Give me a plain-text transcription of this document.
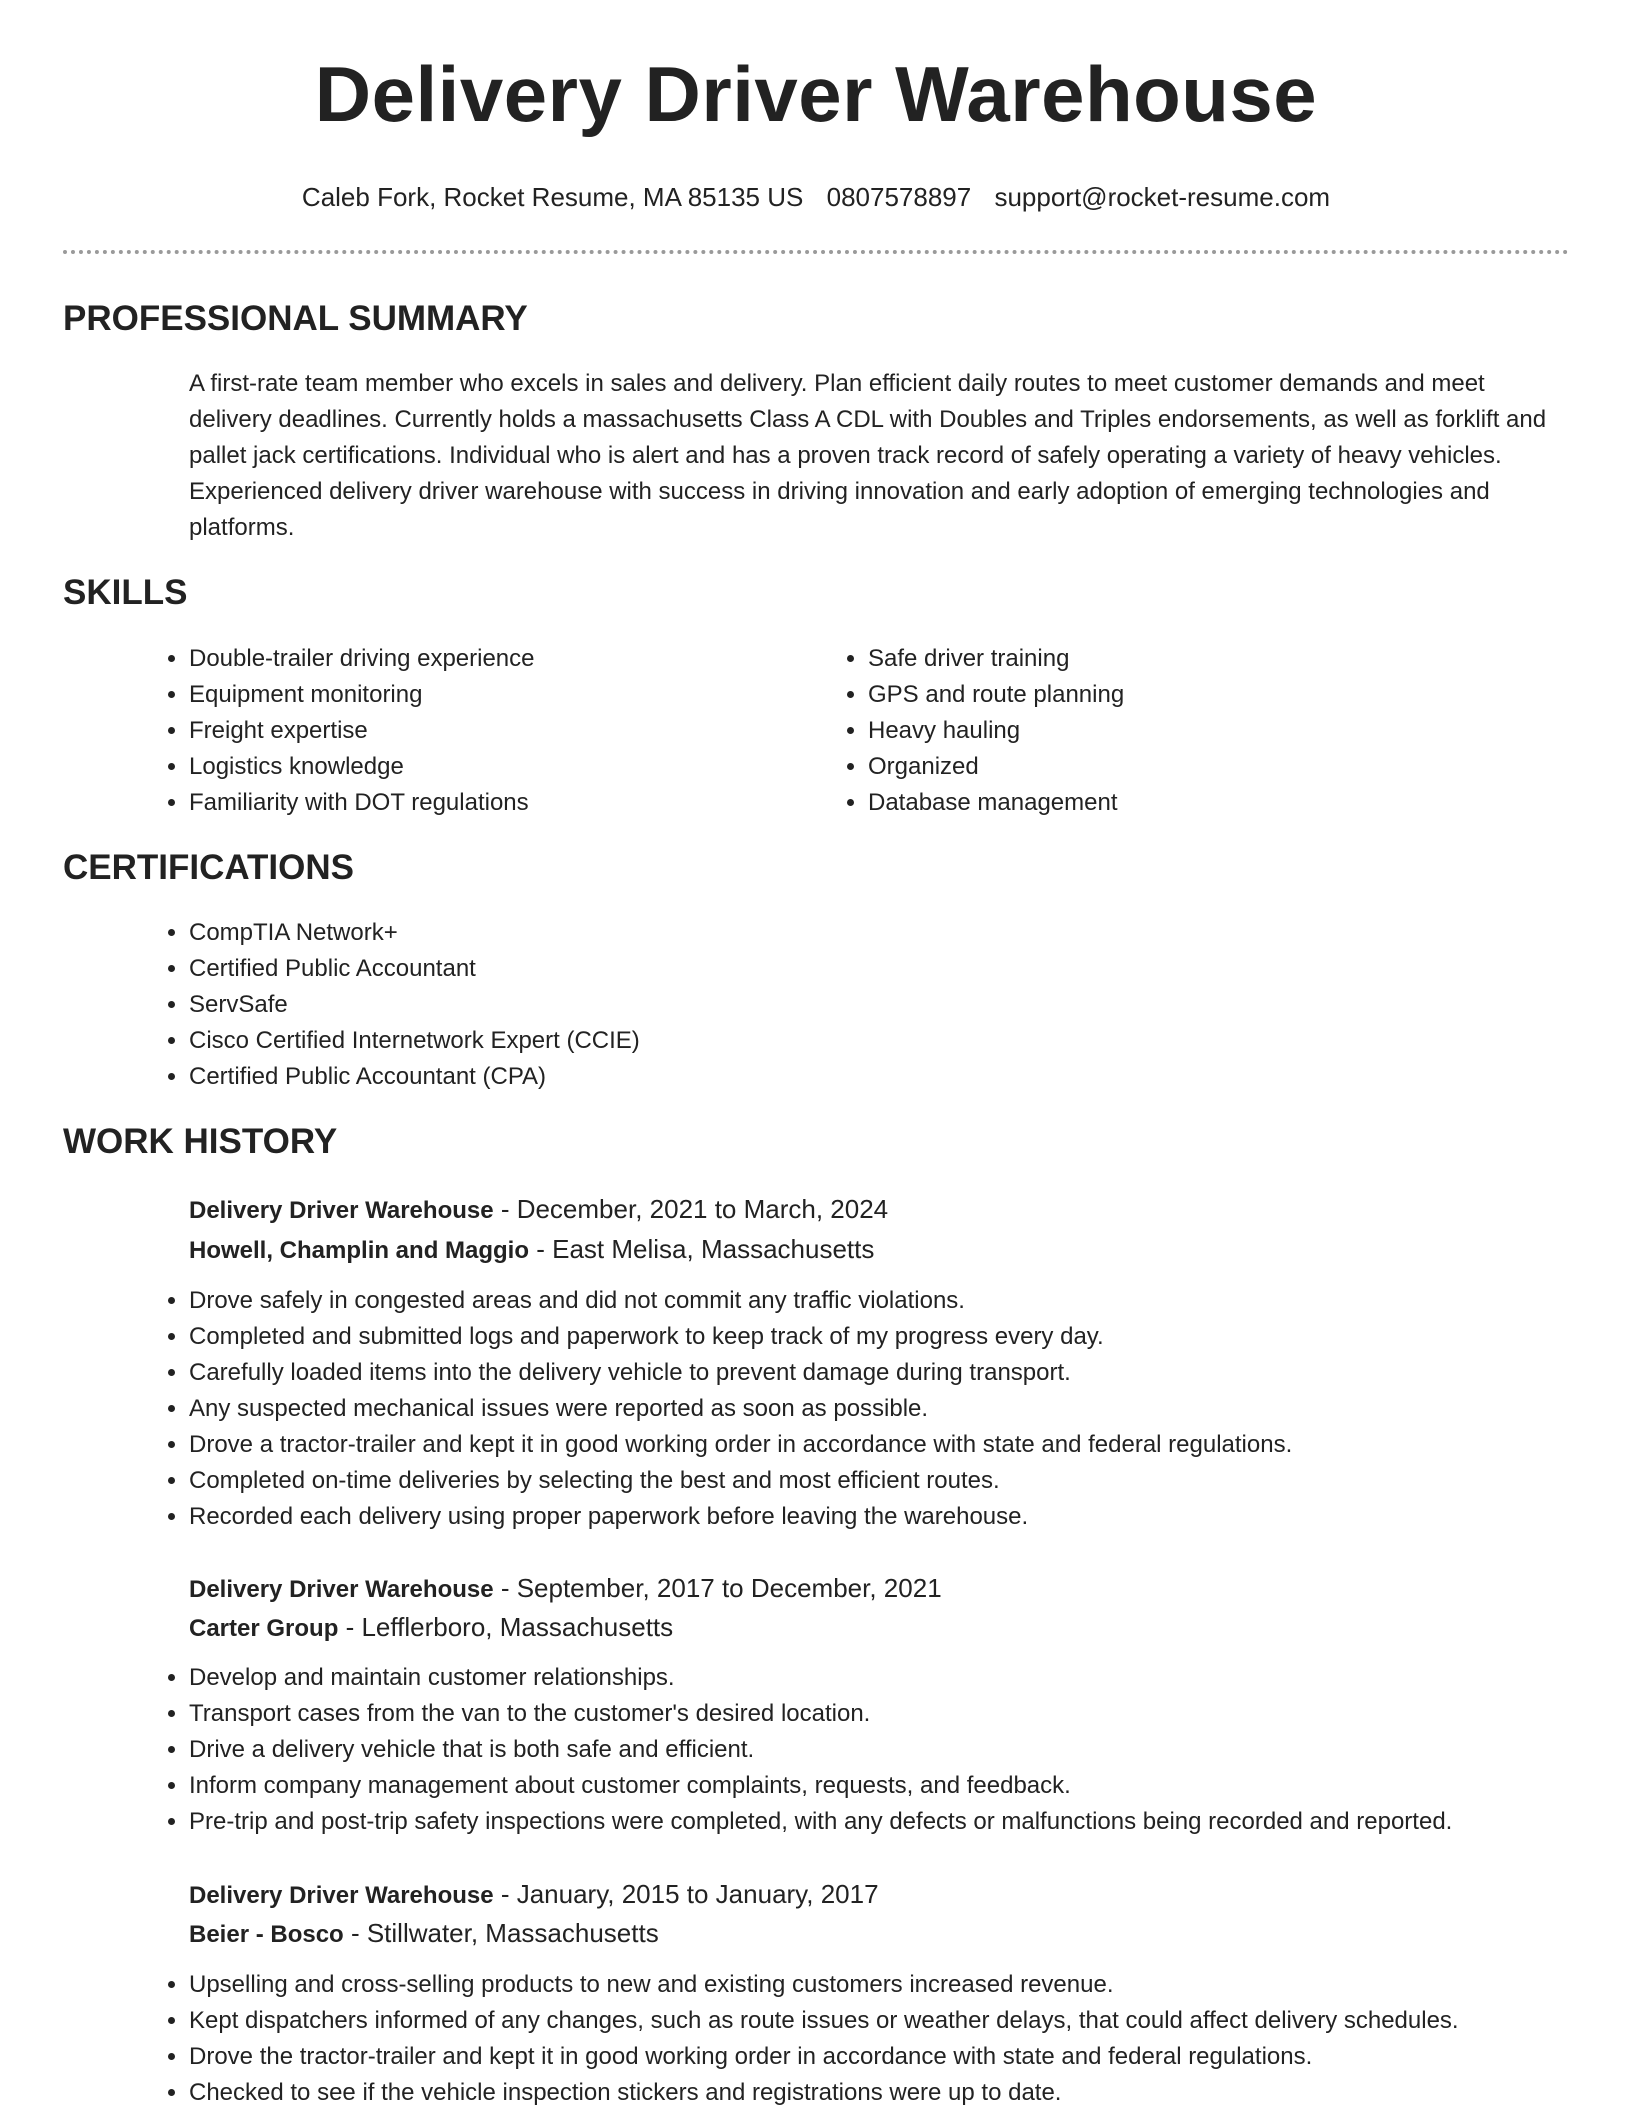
Delivery Driver Warehouse
Caleb Fork, Rocket Resume, MA 85135 US 0807578897 support@rocket-resume.com
PROFESSIONAL SUMMARY

A first-rate team member who excels in sales and delivery. Plan efficient daily routes to meet customer demands and meet delivery deadlines. Currently holds a massachusetts Class A CDL with Doubles and Triples endorsements, as well as forklift and pallet jack certifications. Individual who is alert and has a proven track record of safely operating a variety of heavy vehicles. Experienced delivery driver warehouse with success in driving innovation and early adoption of emerging technologies and platforms.

SKILLS
• Double-trailer driving experience
• Equipment monitoring
• Freight expertise
• Logistics knowledge
• Familiarity with DOT regulations
• Safe driver training
• GPS and route planning
• Heavy hauling
• Organized
• Database management
CERTIFICATIONS
• CompTIA Network+
• Certified Public Accountant
• ServSafe
• Cisco Certified Internetwork Expert (CCIE)
• Certified Public Accountant (CPA)
WORK HISTORY
Delivery Driver Warehouse - December, 2021 to March, 2024
Howell, Champlin and Maggio - East Melisa, Massachusetts
• Drove safely in congested areas and did not commit any traffic violations.
• Completed and submitted logs and paperwork to keep track of my progress every day.
• Carefully loaded items into the delivery vehicle to prevent damage during transport.
• Any suspected mechanical issues were reported as soon as possible.
• Drove a tractor-trailer and kept it in good working order in accordance with state and federal regulations.
• Completed on-time deliveries by selecting the best and most efficient routes.
• Recorded each delivery using proper paperwork before leaving the warehouse.
Delivery Driver Warehouse - September, 2017 to December, 2021
Carter Group - Lefflerboro, Massachusetts
• Develop and maintain customer relationships.
• Transport cases from the van to the customer's desired location.
• Drive a delivery vehicle that is both safe and efficient.
• Inform company management about customer complaints, requests, and feedback.
• Pre-trip and post-trip safety inspections were completed, with any defects or malfunctions being recorded and reported.
Delivery Driver Warehouse - January, 2015 to January, 2017
Beier - Bosco - Stillwater, Massachusetts
• Upselling and cross-selling products to new and existing customers increased revenue.
• Kept dispatchers informed of any changes, such as route issues or weather delays, that could affect delivery schedules.
• Drove the tractor-trailer and kept it in good working order in accordance with state and federal regulations.
• Checked to see if the vehicle inspection stickers and registrations were up to date.
